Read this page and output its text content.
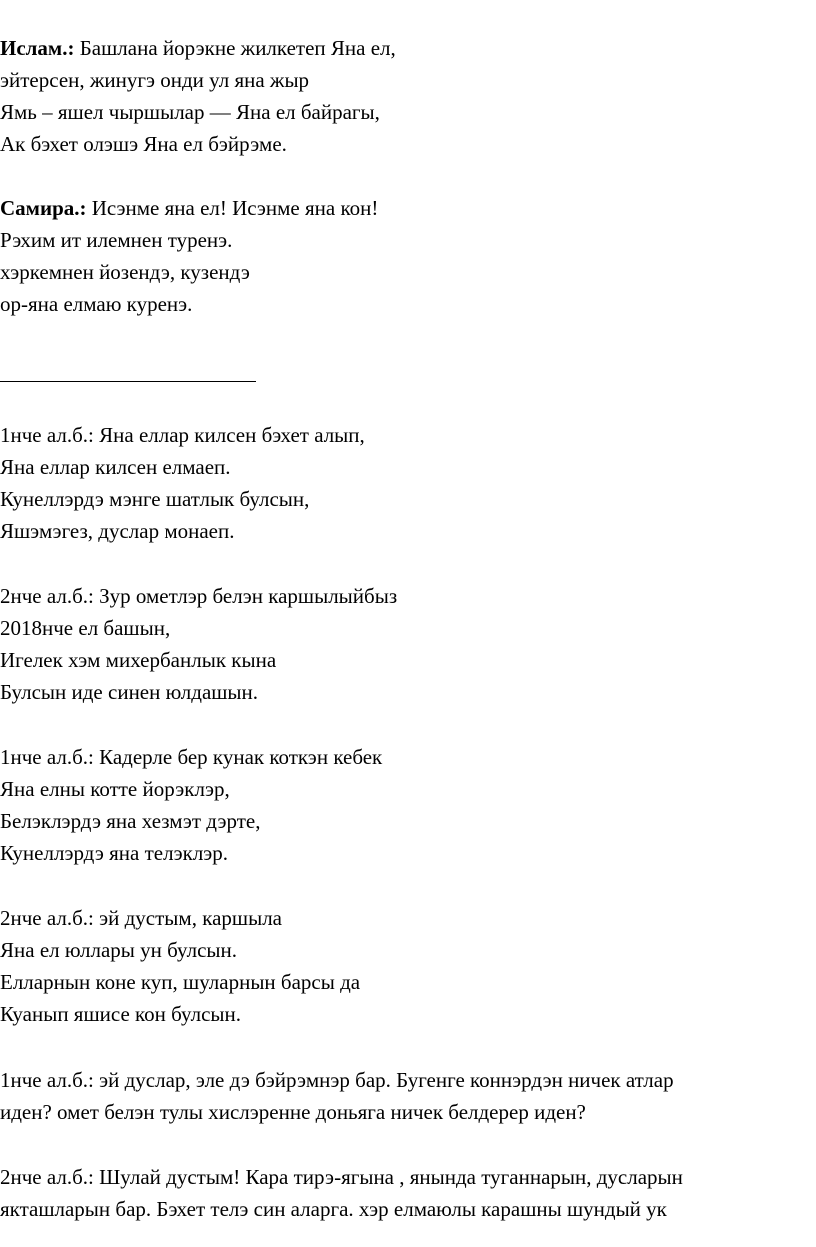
Ислам.: Башлана йорэкне жилкетеп Яна ел,
эйтерсен, жинугэ онди ул яна жыр
Ямь – яшел чыршылар — Яна ел байрагы,
Ак бэхет олэшэ Яна ел бэйрэме.
Самира.: Исэнме яна ел! Исэнме яна кон!
Рэхим ит илемнен туренэ.
хэркемнен йозендэ, кузендэ
ор-яна елмаю куренэ.
1нче ал.б.: Яна еллар килсен бэхет алып,
Яна еллар килсен елмаеп.
Кунеллэрдэ мэнге шатлык булсын,
Яшэмэгез, дуслар монаеп.
2нче ал.б.: Зур ометлэр белэн каршылыйбыз
2018нче ел башын,
Игелек хэм михербанлык кына
Булсын иде синен юлдашын.
1нче ал.б.: Кадерле бер кунак коткэн кебек
Яна елны котте йорэклэр,
Белэклэрдэ яна хезмэт дэрте,
Кунеллэрдэ яна телэклэр.
2нче ал.б.: эй дустым, каршыла
Яна ел юллары ун булсын.
Елларнын коне куп, шуларнын барсы да
Куанып яшисе кон булсын.
1нче ал.б.: эй дуслар, эле дэ бэйрэмнэр бар. Бугенге коннэрдэн ничек атлар
иден? омет белэн тулы хислэренне доньяга ничек белдерер иден?
2нче ал.б.: Шулай дустым! Кара тирэ-ягына , янында туганнарын, дусларын
якташларын бар. Бэхет телэ син аларга. хэр елмаюлы карашны шундый ук
